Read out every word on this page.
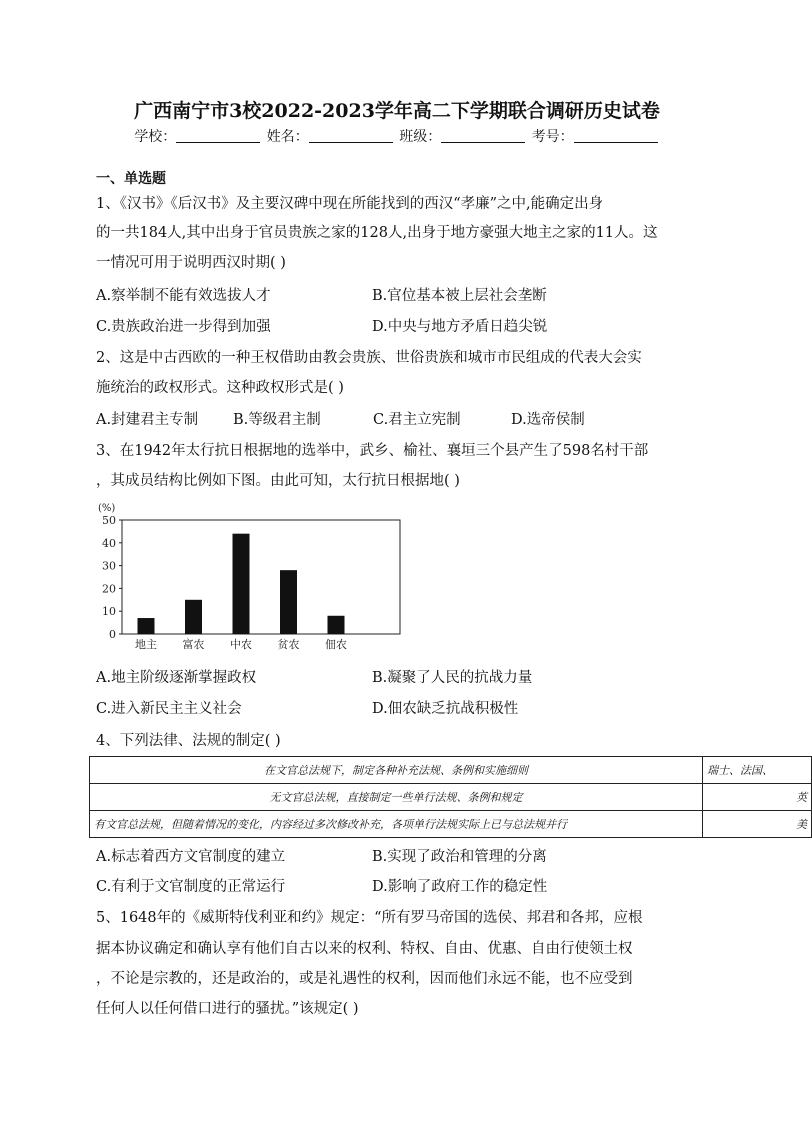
广西南宁市3校2022-2023学年高二下学期联合调研历史试卷
学校：	姓名：	班级：	考号：
一、单选题
1、《汉书》《后汉书》及主要汉碑中现在所能找到的西汉“孝廉”之中,能确定出身
的一共184人,其中出身于官员贵族之家的128人,出身于地方豪强大地主之家的11人。这
一情况可用于说明西汉时期( )
A.察举制不能有效选拔人才	B.官位基本被上层社会垄断
C.贵族政治进一步得到加强	D.中央与地方矛盾日趋尖锐
2、这是中古西欧的一种王权借助由教会贵族、世俗贵族和城市市民组成的代表大会实
施统治的政权形式。这种政权形式是( )
A.封建君主专制 B.等级君主制	C.君主立宪制	D.选帝侯制
3、在1942年太行抗日根据地的选举中，武乡、榆社、襄垣三个县产生了598名村干部
，其成员结构比例如下图。由此可知，太行抗日根据地( )
(%)
0
10
20
30
40
50
地主 富农 中农 贫农 佃农
A.地主阶级逐渐掌握政权	B.凝聚了人民的抗战力量
C.进入新民主主义社会	D.佃农缺乏抗战积极性
4、下列法律、法规的制定( )
在文官总法规下，制定各种补充法规、条例和实施细则	瑞士、法国、
无文官总法规，直接制定一些单行法规、条例和规定	英
有文官总法规，但随着情况的变化，内容经过多次修改补充，各项单行法规实际上已与总法规并行	美
A.标志着西方文官制度的建立	B.实现了政治和管理的分离
C.有利于文官制度的正常运行	D.影响了政府工作的稳定性
5、1648年的《威斯特伐利亚和约》规定：“所有罗马帝国的选侯、邦君和各邦，应根
据本协议确定和确认享有他们自古以来的权利、特权、自由、优惠、自由行使领土权
，不论是宗教的，还是政治的，或是礼遇性的权利，因而他们永远不能，也不应受到
任何人以任何借口进行的骚扰。”该规定( )
